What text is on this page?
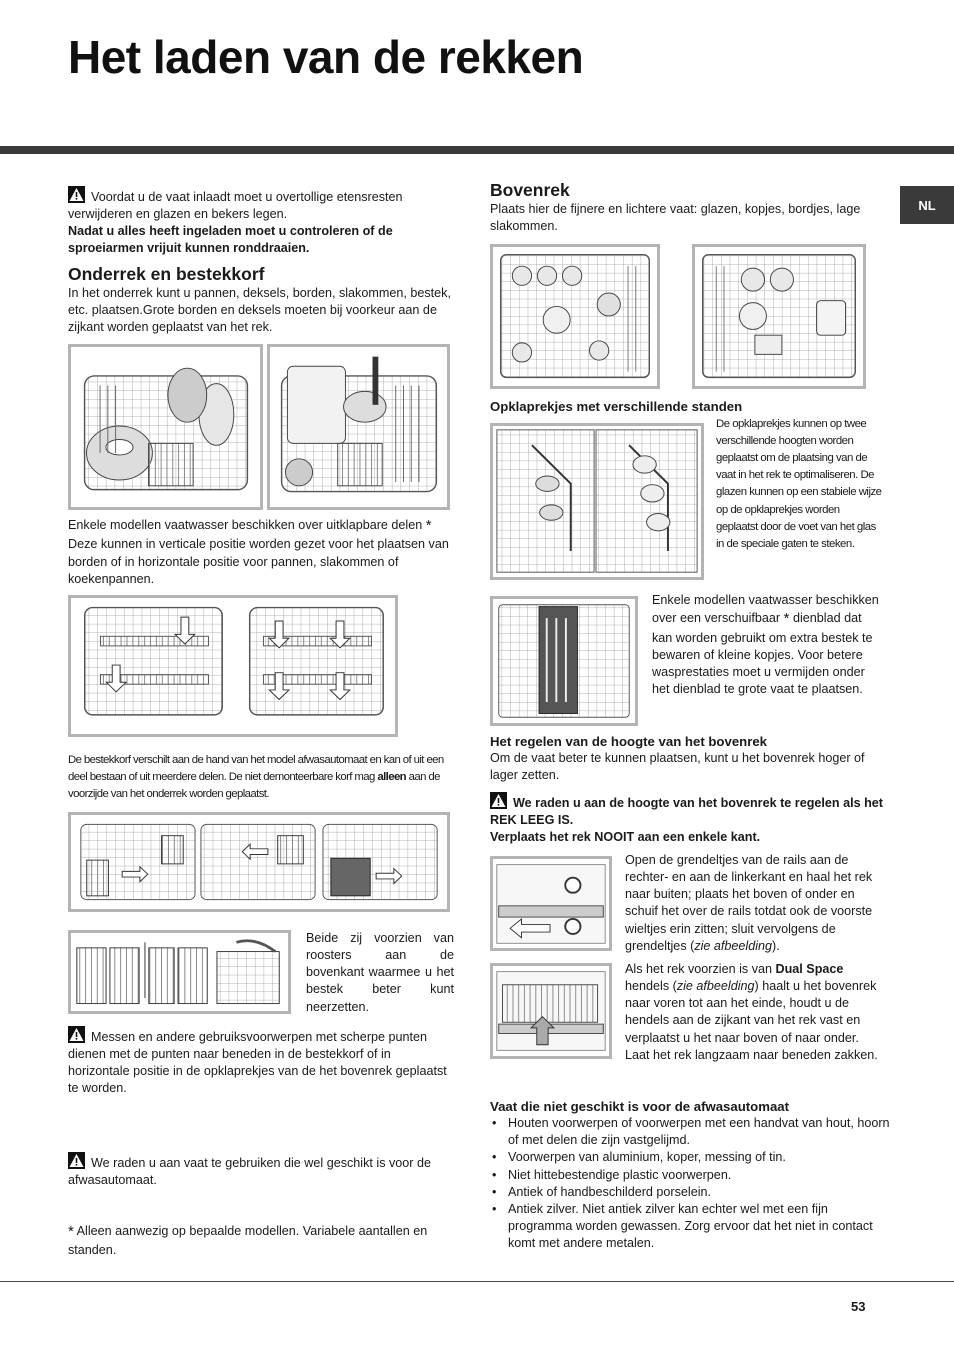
Het laden van de rekken
NL

Voordat u de vaat inlaadt moet u overtollige etensresten verwijderen en glazen en bekers legen.

Nadat u alles heeft ingeladen moet u controleren of de sproeiarmen vrijuit kunnen ronddraaien.

Onderrek en bestekkorf

In het onderrek kunt u pannen, deksels, borden, slakommen, bestek, etc. plaatsen.Grote borden en deksels moeten bij voorkeur aan de zijkant worden geplaatst van het rek.

Enkele modellen vaatwasser beschikken over uitklapbare delen * Deze kunnen in verticale positie worden gezet voor het plaatsen van borden of in horizontale positie voor pannen, slakommen of koekenpannen.

De bestekkorf verschilt aan de hand van het model afwasautomaat en kan of uit een deel bestaan of uit meerdere delen. De niet demonteerbare korf mag alleen aan de voorzijde van het onderrek worden geplaatst.

Beide zij voorzien van roosters aan de bovenkant waarmee u het bestek beter kunt neerzetten.

Messen en andere gebruiksvoorwerpen met scherpe punten dienen met de punten naar beneden in de bestekkorf of in horizontale positie in de opklaprekjes van de het bovenrek geplaatst te worden.

We raden u aan vaat te gebruiken die wel geschikt is voor de afwasautomaat.

* Alleen aanwezig op bepaalde modellen. Variabele aantallen en standen.

Bovenrek

Plaats hier de fijnere en lichtere vaat: glazen, kopjes, bordjes, lage slakommen.

Opklaprekjes met verschillende standen
De opklaprekjes kunnen op twee verschillende hoogten worden geplaatst om de plaatsing van de vaat in het rek te optimaliseren. De glazen kunnen op een stabiele wijze op de opklaprekjes worden geplaatst door de voet van het glas in de speciale gaten te steken.

Enkele modellen vaatwasser beschikken over een verschuifbaar * dienblad dat kan worden gebruikt om extra bestek te bewaren of kleine kopjes. Voor betere wasprestaties moet u vermijden onder het dienblad te grote vaat te plaatsen.

Het regelen van de hoogte van het bovenrek

Om de vaat beter te kunnen plaatsen, kunt u het bovenrek hoger of lager zetten.

We raden u aan de hoogte van het bovenrek te regelen als het REK LEEG IS.

Verplaats het rek NOOIT aan een enkele kant.

Open de grendeltjes van de rails aan de rechter- en aan de linkerkant en haal het rek naar buiten; plaats het boven of onder en schuif het over de rails totdat ook de voorste wieltjes erin zitten; sluit vervolgens de grendeltjes (zie afbeelding).

Als het rek voorzien is van Dual Space hendels (zie afbeelding) haalt u het bovenrek naar voren tot aan het einde, houdt u de hendels aan de zijkant van het rek vast en verplaatst u het naar boven of naar onder. Laat het rek langzaam naar beneden zakken.

Vaat die niet geschikt is voor de afwasautomaat
• Houten voorwerpen of voorwerpen met een handvat van hout, hoorn of met delen die zijn vastgelijmd.
• Voorwerpen van aluminium, koper, messing of tin.
• Niet hittebestendige plastic voorwerpen.
• Antiek of handbeschilderd porselein.
• Antiek zilver. Niet antiek zilver kan echter wel met een fijn programma worden gewassen. Zorg ervoor dat het niet in contact komt met andere metalen.
53
